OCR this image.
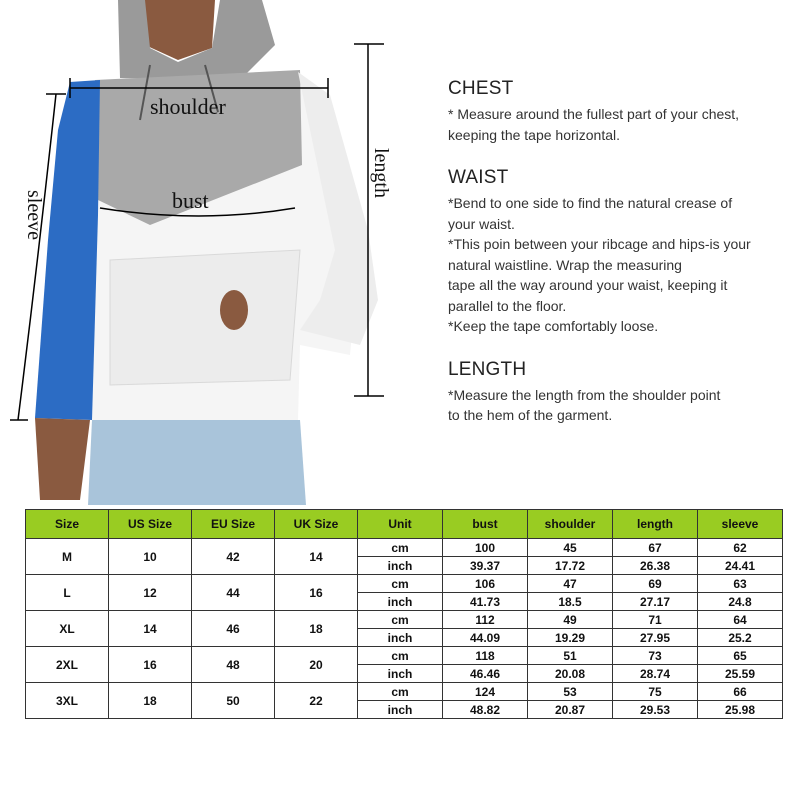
shoulder
bust
length
sleeve
CHEST

* Measure around the fullest part of your chest,

keeping the tape horizontal.

WAIST

*Bend to one side to find the natural crease of

your waist.

*This poin between your ribcage and hips-is your

natural waistline. Wrap the measuring

tape all the way around your waist, keeping it

parallel to the floor.

*Keep the tape comfortably loose.

LENGTH

*Measure the length from the shoulder point

to the hem of the garment.

Size	US Size	EU Size	UK Size	Unit	bust	shoulder	length	sleeve
M	10	42	14	cm	100	45	67	62
				inch	39.37	17.72	26.38	24.41
L	12	44	16	cm	106	47	69	63
				inch	41.73	18.5	27.17	24.8
XL	14	46	18	cm	112	49	71	64
				inch	44.09	19.29	27.95	25.2
2XL	16	48	20	cm	118	51	73	65
				inch	46.46	20.08	28.74	25.59
3XL	18	50	22	cm	124	53	75	66
				inch	48.82	20.87	29.53	25.98
